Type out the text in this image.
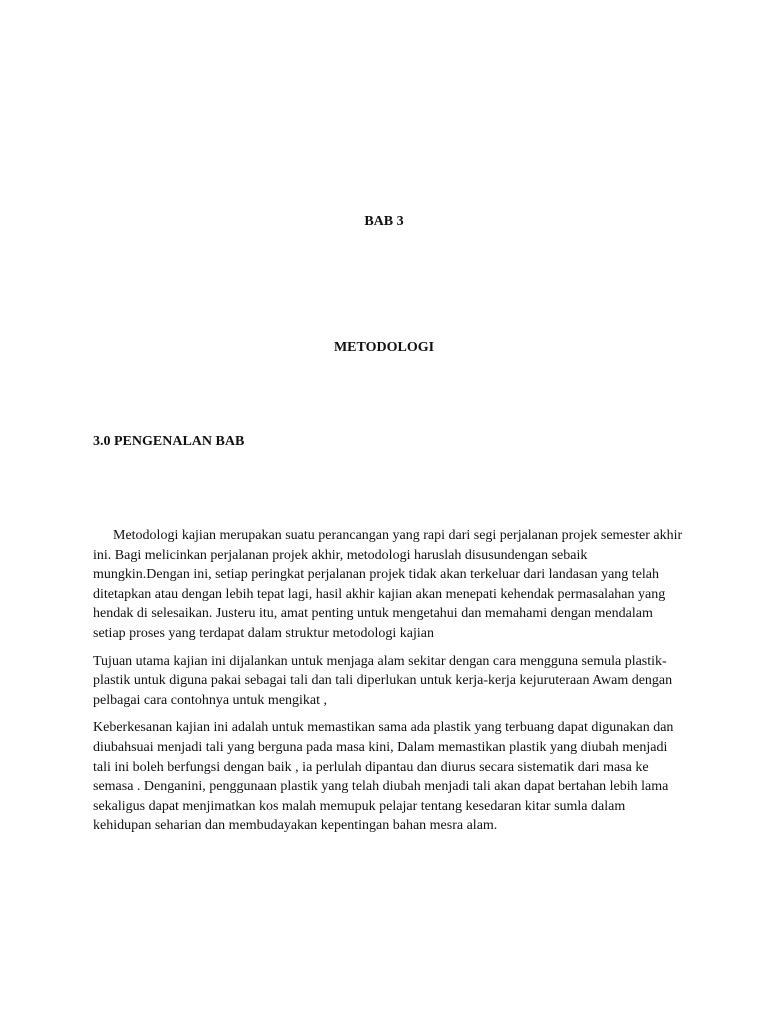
BAB 3
METODOLOGI
3.0 PENGENALAN BAB

Metodologi kajian merupakan suatu perancangan yang rapi dari segi perjalanan projek semester akhir ini. Bagi melicinkan perjalanan projek akhir, metodologi haruslah disusundengan sebaik mungkin.Dengan ini, setiap peringkat perjalanan projek tidak akan terkeluar dari landasan yang telah ditetapkan atau dengan lebih tepat lagi, hasil akhir kajian akan menepati kehendak permasalahan yang hendak di selesaikan. Justeru itu, amat penting untuk mengetahui dan memahami dengan mendalam setiap proses yang terdapat dalam struktur metodologi kajian

Tujuan utama kajian ini dijalankan untuk menjaga alam sekitar dengan cara mengguna semula plastik-plastik untuk diguna pakai sebagai tali dan tali diperlukan untuk kerja-kerja kejuruteraan Awam dengan pelbagai cara contohnya untuk mengikat ,

Keberkesanan kajian ini adalah untuk memastikan sama ada plastik yang terbuang dapat digunakan dan diubahsuai menjadi tali yang berguna pada masa kini, Dalam memastikan plastik yang diubah menjadi tali ini boleh berfungsi dengan baik , ia perlulah dipantau dan diurus secara sistematik dari masa ke semasa . Denganini, penggunaan plastik yang telah diubah menjadi tali akan dapat bertahan lebih lama sekaligus dapat menjimatkan kos malah memupuk pelajar tentang kesedaran kitar sumla dalam kehidupan seharian dan membudayakan kepentingan bahan mesra alam.
